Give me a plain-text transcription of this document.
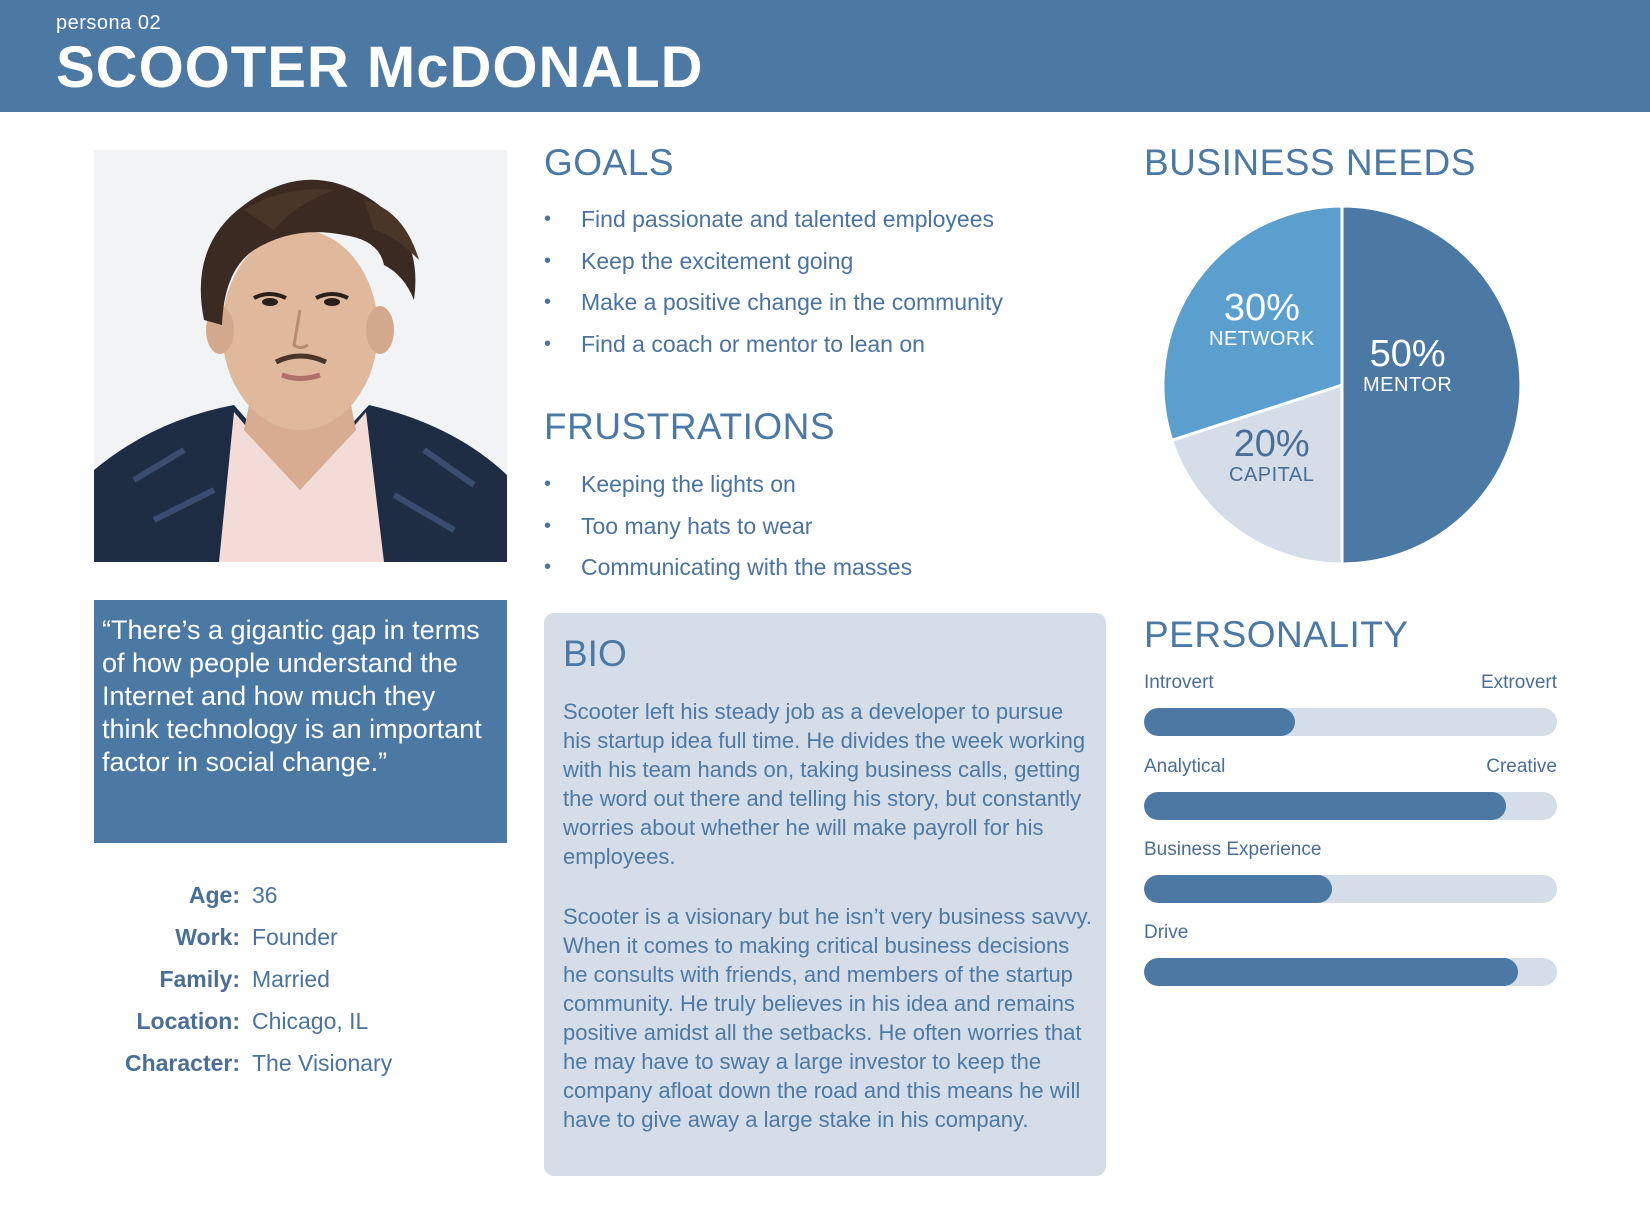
persona 02
SCOOTER McDONALD
“There’s a gigantic gap in terms of how people understand the Internet and how much they think technology is an important factor in social change.”
Age: 36
Work: Founder
Family: Married
Location: Chicago, IL
Character: The Visionary
GOALS
• Find passionate and talented employees
• Keep the excitement going
• Make a positive change in the community
• Find a coach or mentor to lean on
FRUSTRATIONS
• Keeping the lights on
• Too many hats to wear
• Communicating with the masses
BIO
Scooter left his steady job as a developer to pursue his startup idea full time. He divides the week working with his team hands on, taking business calls, getting the word out there and telling his story, but constantly worries about whether he will make payroll for his employees.
Scooter is a visionary but he isn’t very business savvy. When it comes to making critical business decisions he consults with friends, and members of the startup community. He truly believes in his idea and remains positive amidst all the setbacks. He often worries that he may have to sway a large investor to keep the company afloat down the road and this means he will have to give away a large stake in his company.
BUSINESS NEEDS
50%
MENTOR
20%
CAPITAL
30%
NETWORK
PERSONALITY
Introvert	Extrovert
Analytical	Creative
Business Experience
Drive
